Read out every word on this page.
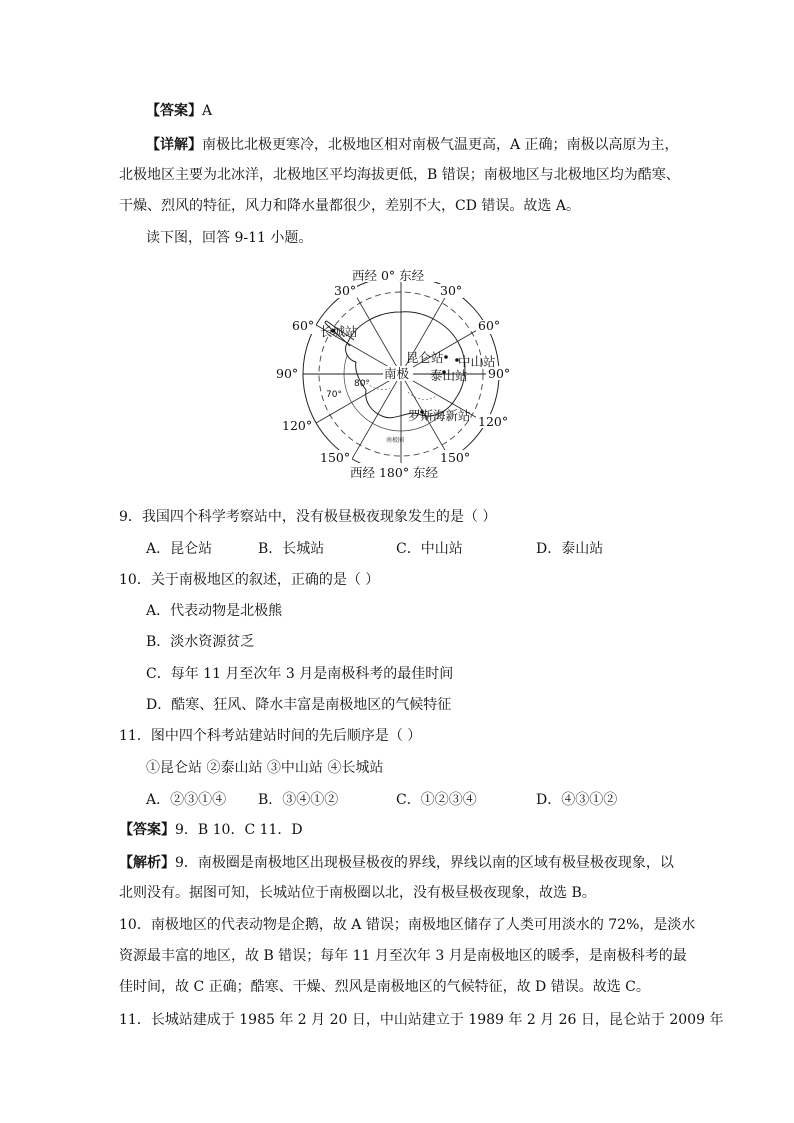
【答案】A
【详解】南极比北极更寒冷，北极地区相对南极气温更高，A 正确；南极以高原为主，
北极地区主要为北冰洋，北极地区平均海拔更低，B 错误；南极地区与北极地区均为酷寒、
干燥、烈风的特征，风力和降水量都很少，差别不大，CD 错误。故选 A。
读下图，回答 9-11 小题。
西经 0° 东经
西经 180° 东经
30°	30°
60°	60°
90°	90°
120°	120°
150°	150°
80°
70°
南极
长城站
昆仑站 中山站
泰山站
罗斯海新站
南极圈
9．我国四个科学考察站中，没有极昼极夜现象发生的是（ ）
A．昆仑站	B．长城站	C．中山站	D．泰山站
10．关于南极地区的叙述，正确的是（ ）
A．代表动物是北极熊
B．淡水资源贫乏
C．每年 11 月至次年 3 月是南极科考的最佳时间
D．酷寒、狂风、降水丰富是南极地区的气候特征
11．图中四个科考站建站时间的先后顺序是（ ）
①昆仑站 ②泰山站 ③中山站 ④长城站
A．②③①④ B．③④①②	C．①②③④	D．④③①②
【答案】9．B 10．C 11．D
【解析】9．南极圈是南极地区出现极昼极夜的界线，界线以南的区域有极昼极夜现象，以
北则没有。据图可知，长城站位于南极圈以北，没有极昼极夜现象，故选 B。
10．南极地区的代表动物是企鹅，故 A 错误；南极地区储存了人类可用淡水的 72%，是淡水
资源最丰富的地区，故 B 错误；每年 11 月至次年 3 月是南极地区的暖季，是南极科考的最
佳时间，故 C 正确；酷寒、干燥、烈风是南极地区的气候特征，故 D 错误。故选 C。
11．长城站建成于 1985 年 2 月 20 日，中山站建立于 1989 年 2 月 26 日，昆仑站于 2009 年
